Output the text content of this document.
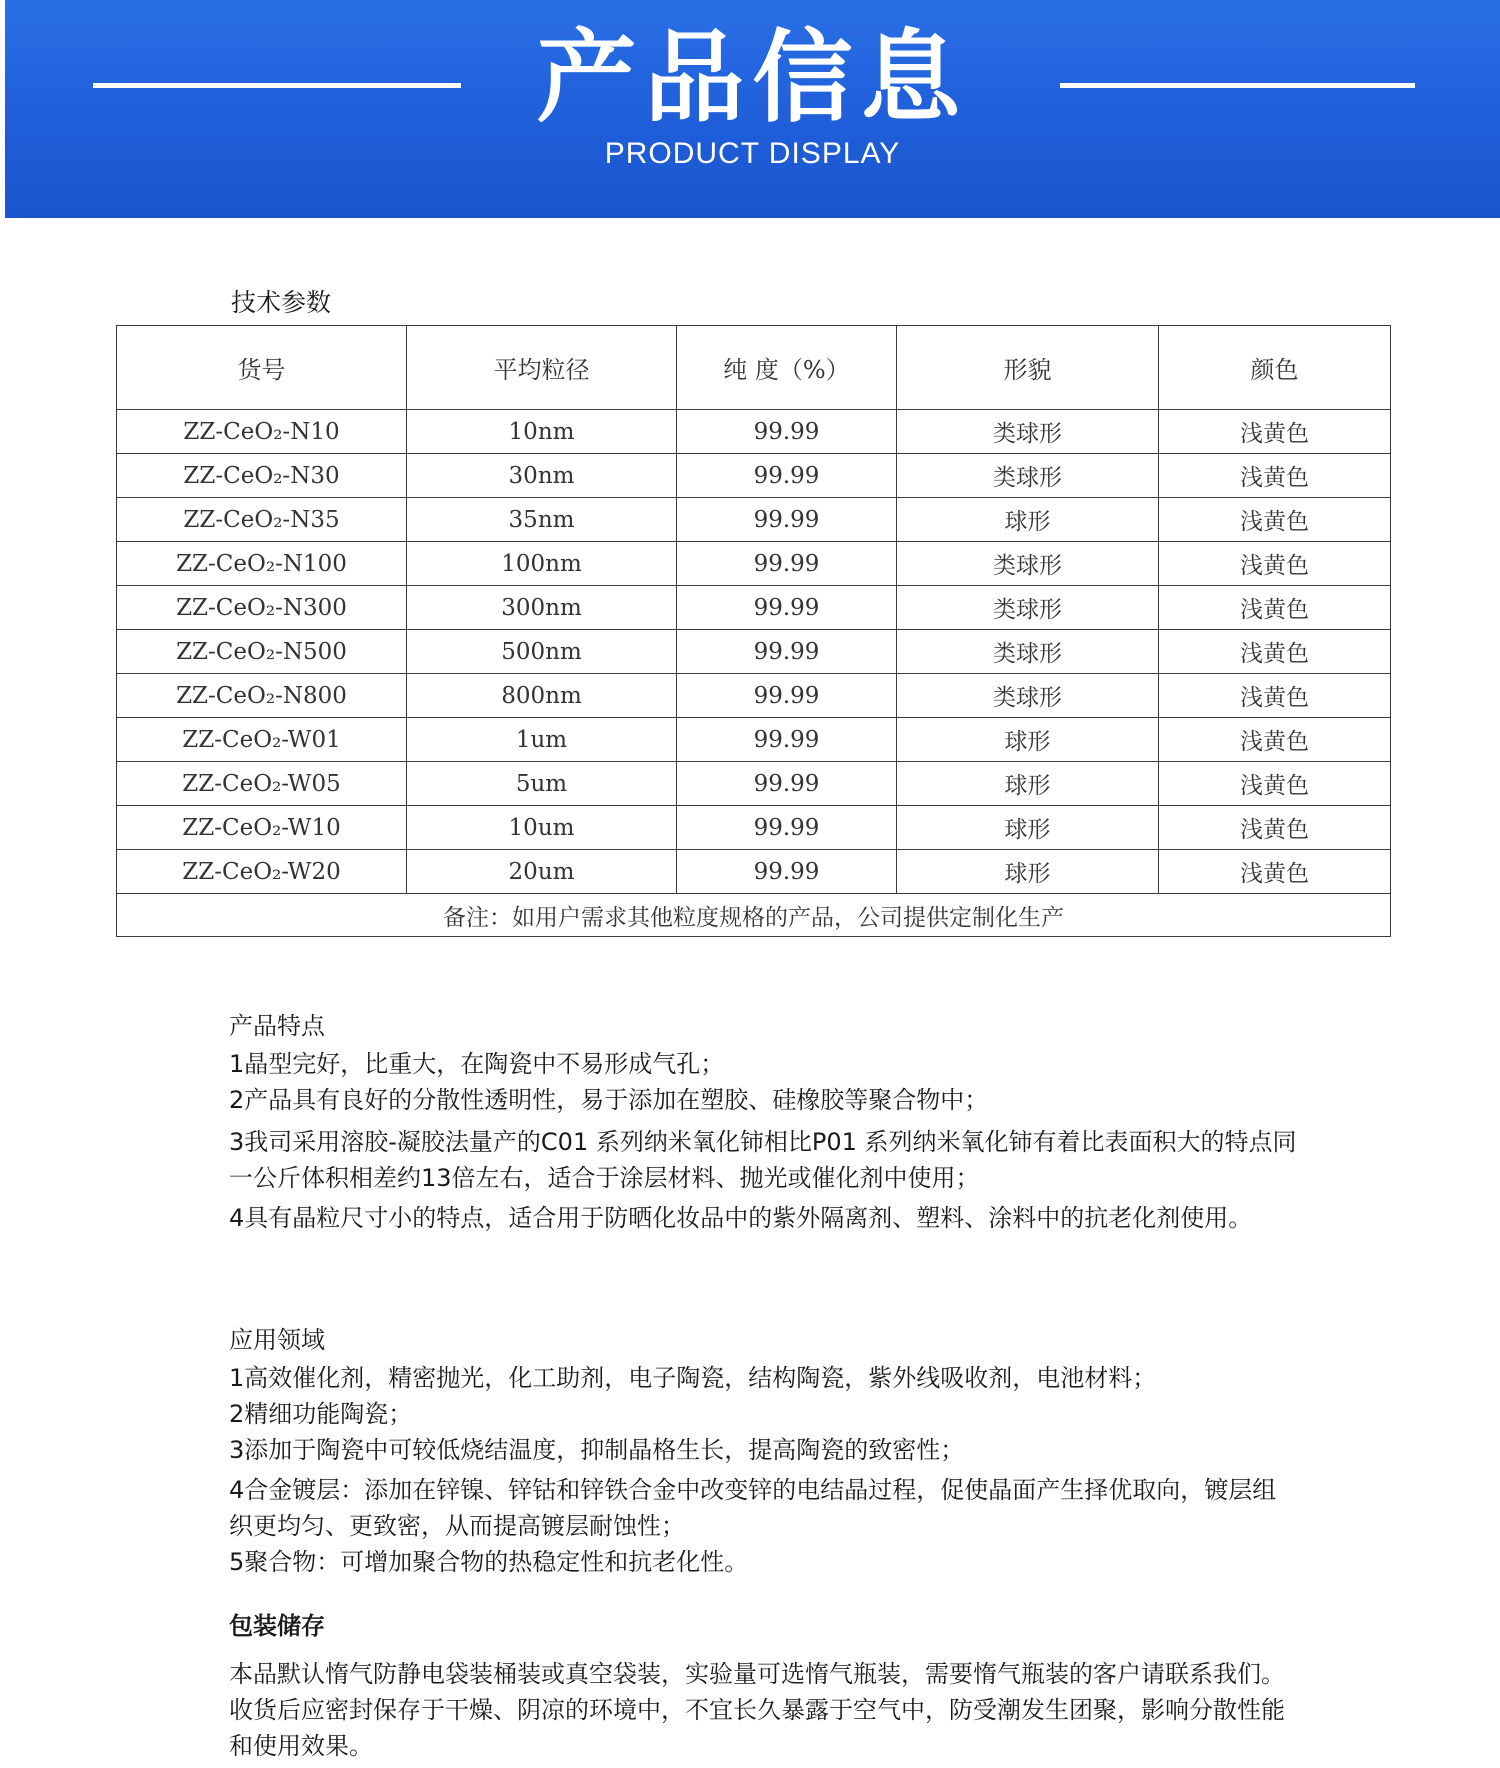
产品信息
PRODUCT DISPLAY
技术参数
货号	平均粒径	纯 度（%）	形貌	颜色
ZZ-CeO₂-N10	10nm	99.99	类球形	浅黄色
ZZ-CeO₂-N30	30nm	99.99	类球形	浅黄色
ZZ-CeO₂-N35	35nm	99.99	球形	浅黄色
ZZ-CeO₂-N100	100nm	99.99	类球形	浅黄色
ZZ-CeO₂-N300	300nm	99.99	类球形	浅黄色
ZZ-CeO₂-N500	500nm	99.99	类球形	浅黄色
ZZ-CeO₂-N800	800nm	99.99	类球形	浅黄色
ZZ-CeO₂-W01	1um	99.99	球形	浅黄色
ZZ-CeO₂-W05	5um	99.99	球形	浅黄色
ZZ-CeO₂-W10	10um	99.99	球形	浅黄色
ZZ-CeO₂-W20	20um	99.99	球形	浅黄色
备注：如用户需求其他粒度规格的产品，公司提供定制化生产				
产品特点

1晶型完好，比重大，在陶瓷中不易形成气孔；

2产品具有良好的分散性透明性，易于添加在塑胶、硅橡胶等聚合物中；

3我司采用溶胶-凝胶法量产的C01 系列纳米氧化铈相比P01 系列纳米氧化铈有着比表面积大的特点同一公斤体积相差约13倍左右，适合于涂层材料、抛光或催化剂中使用；

4具有晶粒尺寸小的特点，适合用于防晒化妆品中的紫外隔离剂、塑料、涂料中的抗老化剂使用。

应用领域

1高效催化剂，精密抛光，化工助剂，电子陶瓷，结构陶瓷，紫外线吸收剂，电池材料；

2精细功能陶瓷；

3添加于陶瓷中可较低烧结温度，抑制晶格生长，提高陶瓷的致密性；

4合金镀层：添加在锌镍、锌钴和锌铁合金中改变锌的电结晶过程，促使晶面产生择优取向，镀层组织更均匀、更致密，从而提高镀层耐蚀性；

5聚合物：可增加聚合物的热稳定性和抗老化性。

包装储存

本品默认惰气防静电袋装桶装或真空袋装，实验量可选惰气瓶装，需要惰气瓶装的客户请联系我们。收货后应密封保存于干燥、阴凉的环境中，不宜长久暴露于空气中，防受潮发生团聚，影响分散性能和使用效果。
